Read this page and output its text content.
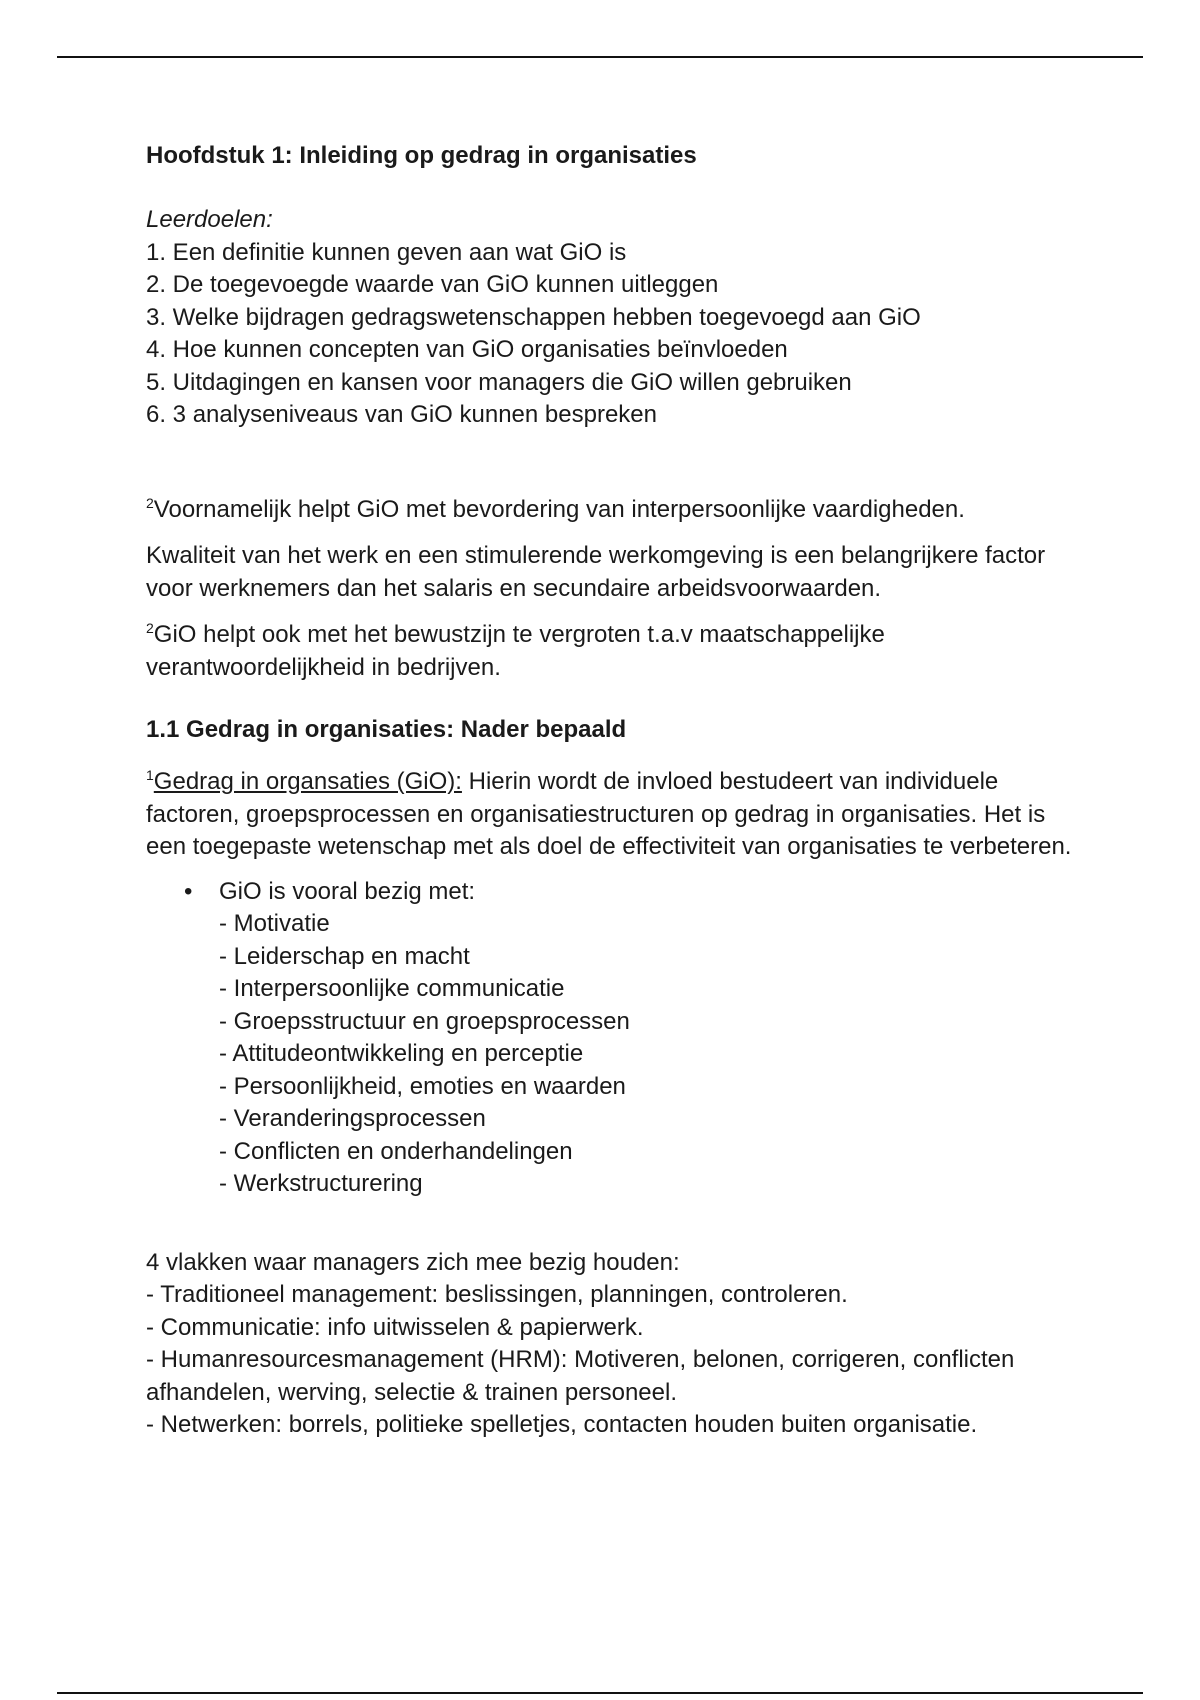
Hoofdstuk 1: Inleiding op gedrag in organisaties

Leerdoelen:

1. Een definitie kunnen geven aan wat GiO is
2. De toegevoegde waarde van GiO kunnen uitleggen
3. Welke bijdragen gedragswetenschappen hebben toegevoegd aan GiO
4. Hoe kunnen concepten van GiO organisaties beïnvloeden
5. Uitdagingen en kansen voor managers die GiO willen gebruiken
6. 3 analyseniveaus van GiO kunnen bespreken

$^2$Voornamelijk helpt GiO met bevordering van interpersoonlijke vaardigheden.

Kwaliteit van het werk en een stimulerende werkomgeving is een belangrijkere factor voor werknemers dan het salaris en secundaire arbeidsvoorwaarden.

$^2$GiO helpt ook met het bewustzijn te vergroten t.a.v maatschappelijke verantwoordelijkheid in bedrijven.

1.1 Gedrag in organisaties: Nader bepaald

$^1$Gedrag in organsaties (GiO): Hierin wordt de invloed bestudeert van individuele factoren, groepsprocessen en organisatiestructuren op gedrag in organisaties. Het is een toegepaste wetenschap met als doel de effectiviteit van organisaties te verbeteren.

• GiO is vooral bezig met:

- Motivatie
- Leiderschap en macht
- Interpersoonlijke communicatie
- Groepsstructuur en groepsprocessen
- Attitudeontwikkeling en perceptie
- Persoonlijkheid, emoties en waarden
- Veranderingsprocessen
- Conflicten en onderhandelingen
- Werkstructurering

4 vlakken waar managers zich mee bezig houden:

- Traditioneel management: beslissingen, planningen, controleren.
- Communicatie: info uitwisselen & papierwerk.
- Humanresourcesmanagement (HRM): Motiveren, belonen, corrigeren, conflicten afhandelen, werving, selectie & trainen personeel.
- Netwerken: borrels, politieke spelletjes, contacten houden buiten organisatie.
